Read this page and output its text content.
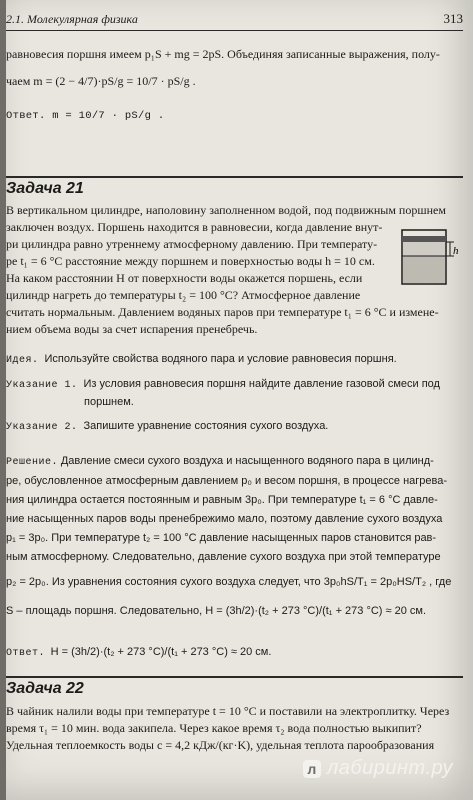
2.1. Молекулярная физика	313
равновесия поршня имеем p₁S + mg = 2pS. Объединяя записанные выражения, полу-
чаем m = (2 − 4/7)·pS/g = 10/7 · pS/g .
Ответ. m = 10/7 · pS/g .
Задача 21
В вертикальном цилиндре, наполовину заполненном водой, под подвижным поршнем
заключен воздух. Поршень находится в равновесии, когда давление внут-
ри цилиндра равно утреннему атмосферному давлению. При температу-
ре t₁ = 6 °C расстояние между поршнем и поверхностью воды h = 10 см.
На каком расстоянии H от поверхности воды окажется поршень, если
цилиндр нагреть до температуры t₂ = 100 °C? Атмосферное давление
считать нормальным. Давлением водяных паров при температуре t₁ = 6 °C и измене-
нием объема воды за счет испарения пренебречь.
h
Идея. Используйте свойства водяного пара и условие равновесия поршня.
Указание 1. Из условия равновесия поршня найдите давление газовой смеси под
поршнем.
Указание 2. Запишите уравнение состояния сухого воздуха.
Решение. Давление смеси сухого воздуха и насыщенного водяного пара в цилинд-
ре, обусловленное атмосферным давлением p₀ и весом поршня, в процессе нагрева-
ния цилиндра остается постоянным и равным 3p₀. При температуре t₁ = 6 °C давле-
ние насыщенных паров воды пренебрежимо мало, поэтому давление сухого воздуха
p₁ = 3p₀. При температуре t₂ = 100 °C давление насыщенных паров становится рав-
ным атмосферному. Следовательно, давление сухого воздуха при этой температуре
p₂ = 2p₀. Из уравнения состояния сухого воздуха следует, что 3p₀hS/T₁ = 2p₀HS/T₂ , где
S – площадь поршня. Следовательно, H = (3h/2)·(t₂ + 273 °C)/(t₁ + 273 °C) ≈ 20 см.
Ответ. H = (3h/2)·(t₂ + 273 °C)/(t₁ + 273 °C) ≈ 20 см.
Задача 22
В чайник налили воды при температуре t = 10 °C и поставили на электроплитку. Через
время τ₁ = 10 мин. вода закипела. Через какое время τ₂ вода полностью выкипит?
Удельная теплоемкость воды c = 4,2 кДж/(кг·K), удельная теплота парообразования
л лабиринт.ру
